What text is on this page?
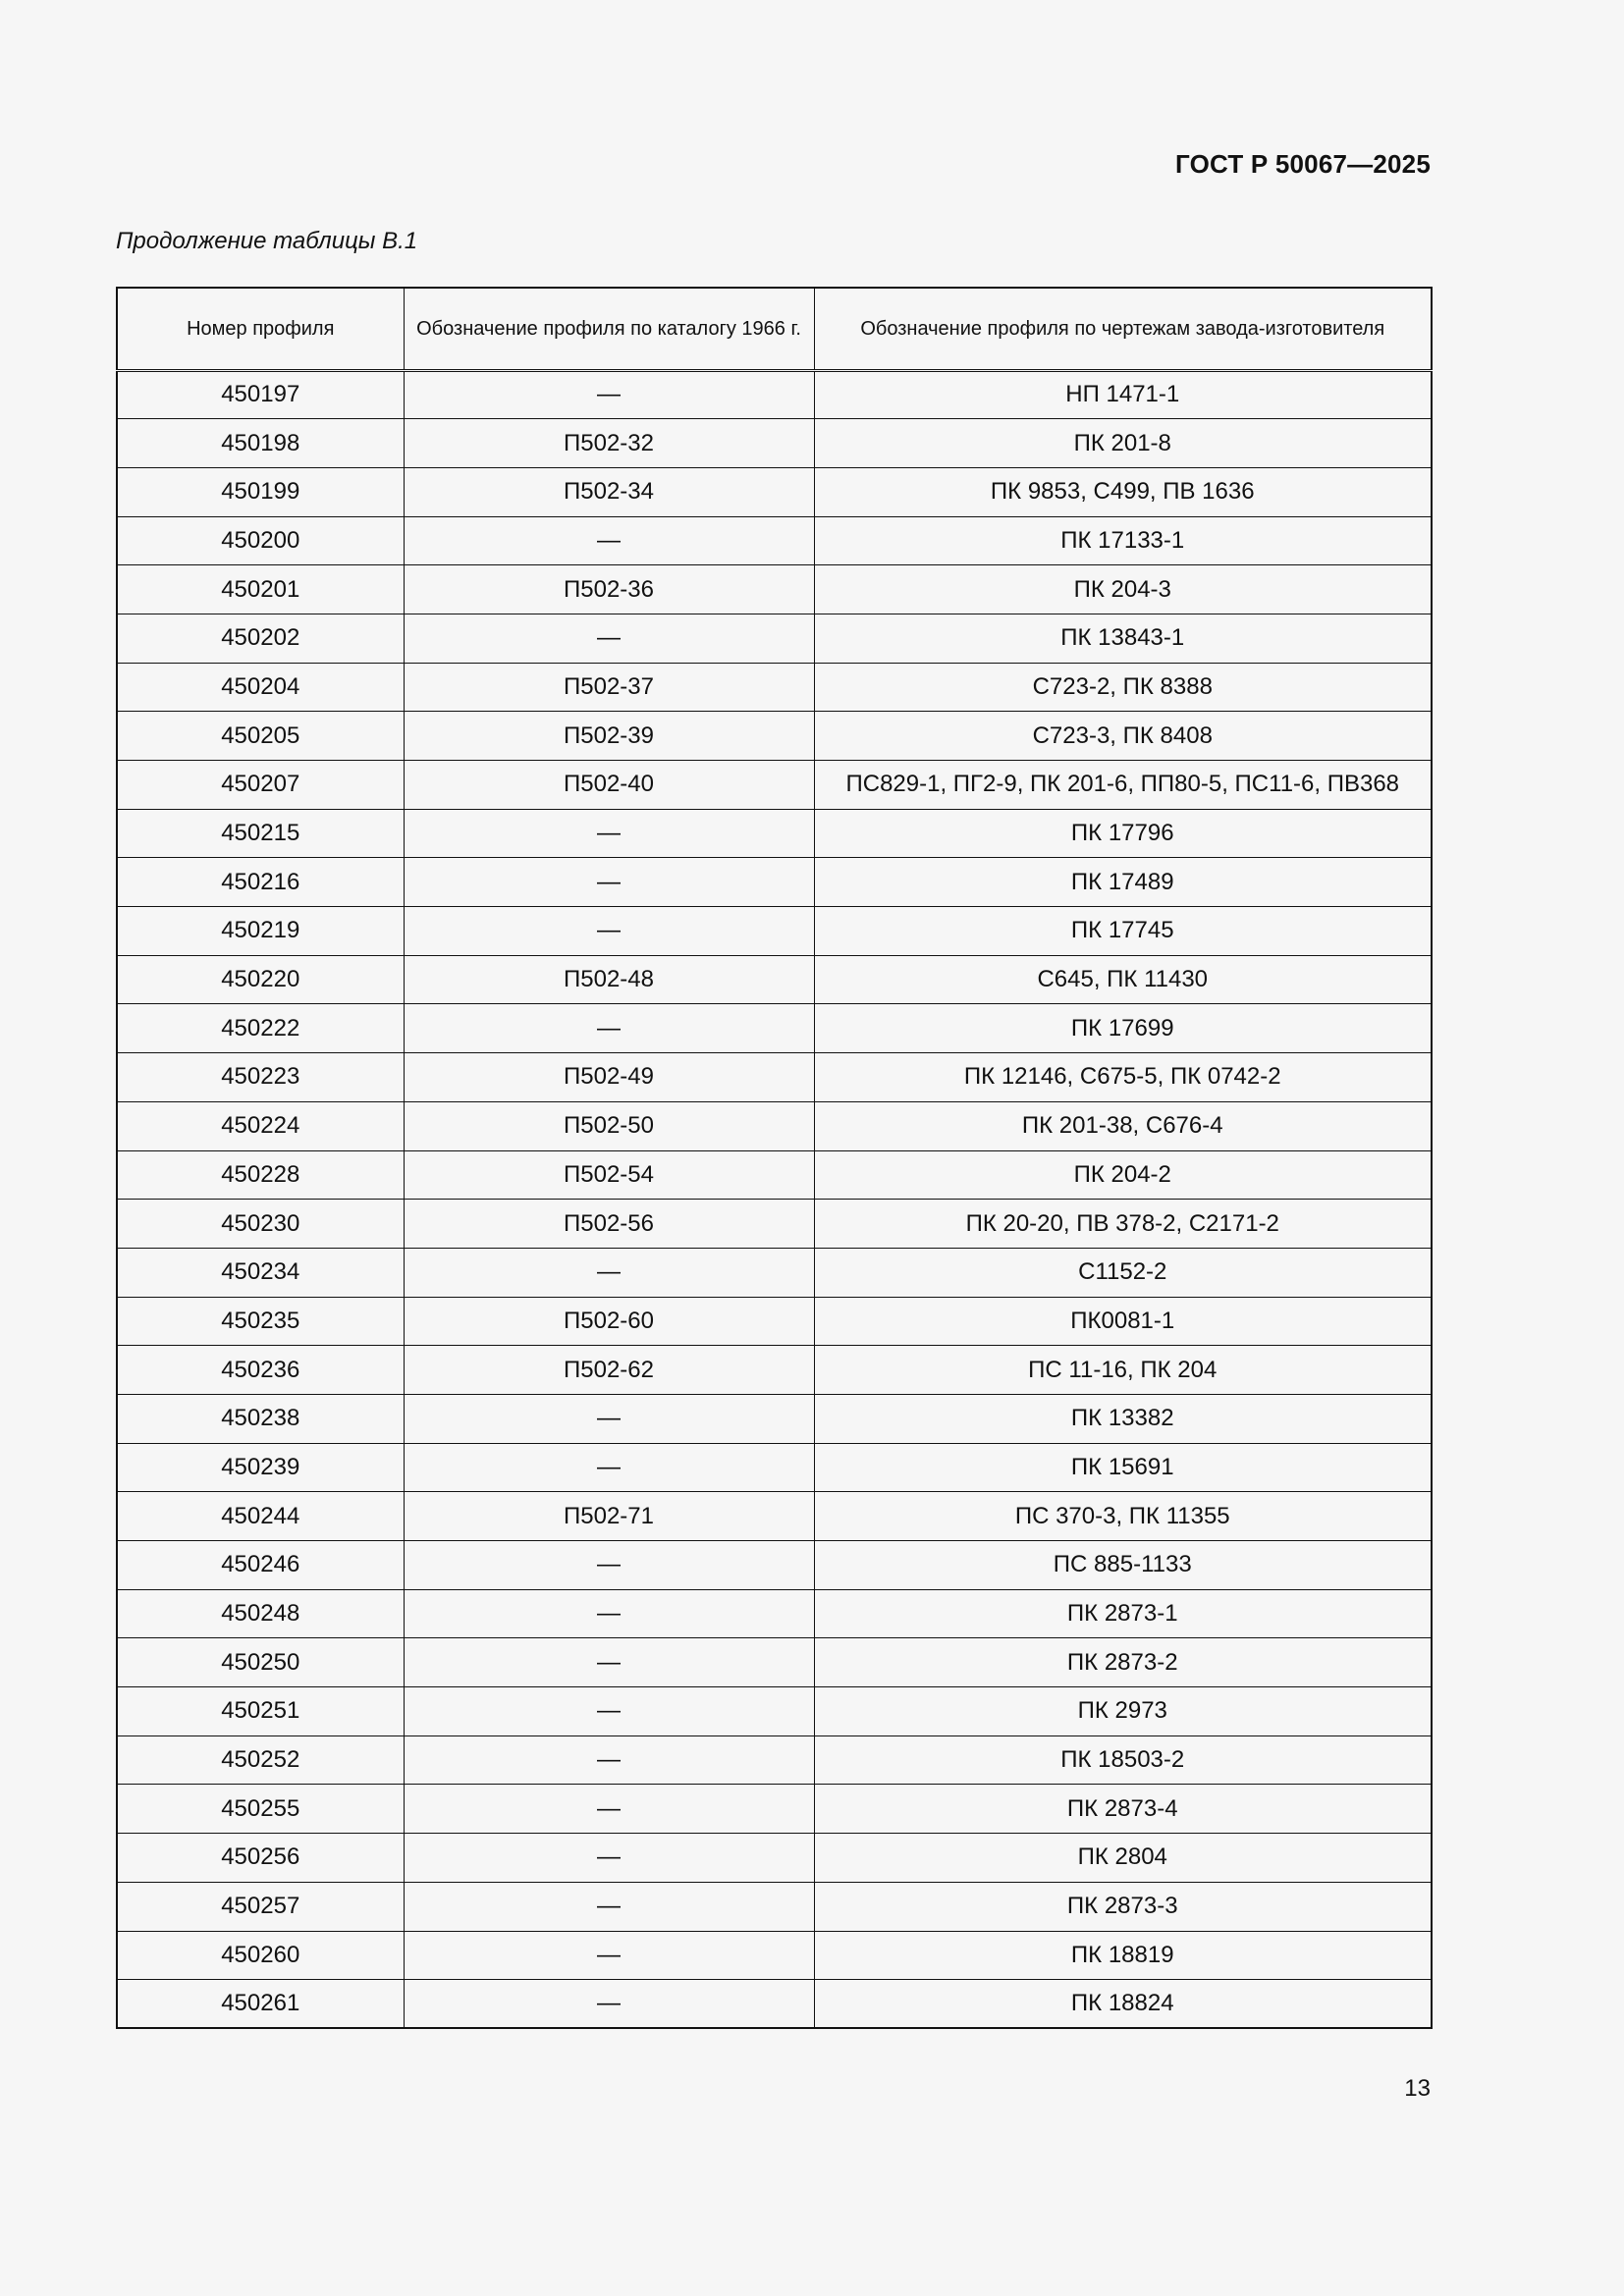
ГОСТ Р 50067—2025
Продолжение таблицы В.1
Номер профиля	Обозначение профиля по каталогу 1966 г.	Обозначение профиля по чертежам завода-изготовителя
450197	—	НП 1471-1
450198	П502-32	ПК 201-8
450199	П502-34	ПК 9853, С499, ПВ 1636
450200	—	ПК 17133-1
450201	П502-36	ПК 204-3
450202	—	ПК 13843-1
450204	П502-37	С723-2, ПК 8388
450205	П502-39	С723-3, ПК 8408
450207	П502-40	ПС829-1, ПГ2-9, ПК 201-6, ПП80-5, ПС11-6, ПВ368
450215	—	ПК 17796
450216	—	ПК 17489
450219	—	ПК 17745
450220	П502-48	С645, ПК 11430
450222	—	ПК 17699
450223	П502-49	ПК 12146, С675-5, ПК 0742-2
450224	П502-50	ПК 201-38, С676-4
450228	П502-54	ПК 204-2
450230	П502-56	ПК 20-20, ПВ 378-2, С2171-2
450234	—	С1152-2
450235	П502-60	ПК0081-1
450236	П502-62	ПС 11-16, ПК 204
450238	—	ПК 13382
450239	—	ПК 15691
450244	П502-71	ПС 370-3, ПК 11355
450246	—	ПС 885-1133
450248	—	ПК 2873-1
450250	—	ПК 2873-2
450251	—	ПК 2973
450252	—	ПК 18503-2
450255	—	ПК 2873-4
450256	—	ПК 2804
450257	—	ПК 2873-3
450260	—	ПК 18819
450261	—	ПК 18824
13
